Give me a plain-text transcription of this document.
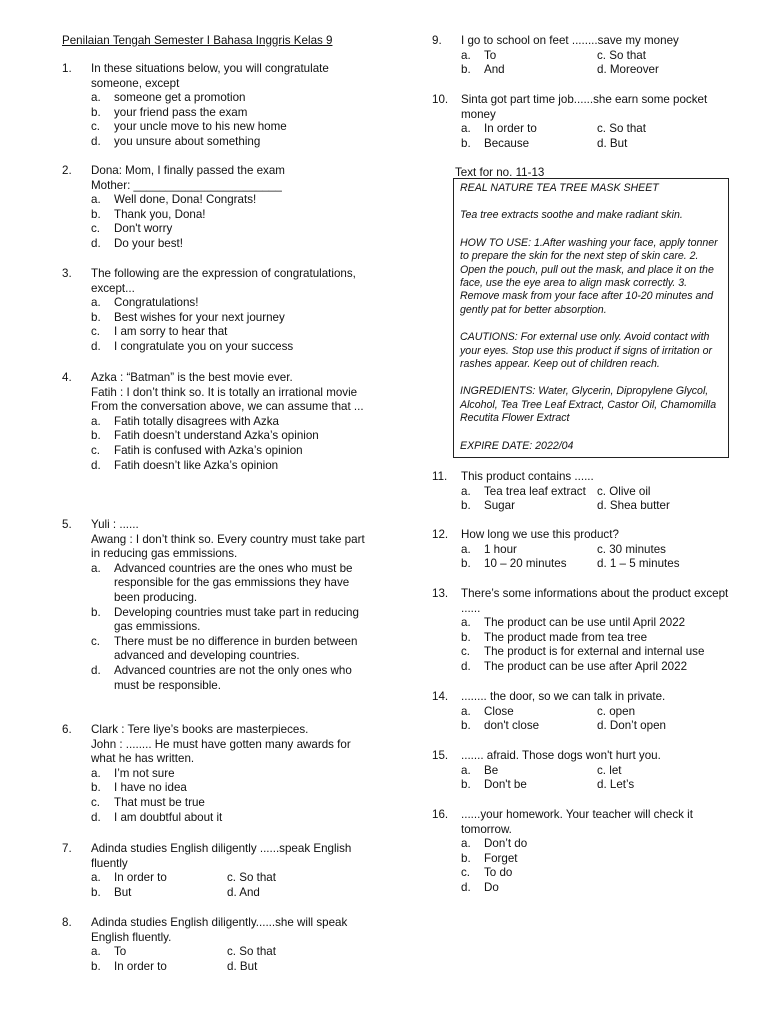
Penilaian Tengah Semester I Bahasa Inggris Kelas 9
1. In these situations below, you will congratulate someone, except
a.	someone get a promotion
b.	your friend pass the exam
c.	your uncle move to his new home
d.	you unsure about something
2. Dona: Mom, I finally passed the exam
Mother: _______________________
a.	Well done, Dona! Congrats!
b.	Thank you, Dona!
c.	Don't worry
d.	Do your best!
3. The following are the expression of congratulations, except...
a.	Congratulations!
b.	Best wishes for your next journey
c.	I am sorry to hear that
d.	I congratulate you on your success
4. Azka : “Batman” is the best movie ever.
Fatih : I don’t think so. It is totally an irrational movie
From the conversation above, we can assume that ...
a.	Fatih totally disagrees with Azka
b.	Fatih doesn’t understand Azka’s opinion
c.	Fatih is confused with Azka’s opinion
d.	Fatih doesn’t like Azka’s opinion
5. Yuli : ......
Awang : I don’t think so. Every country must take part in reducing gas emmissions.
a.	Advanced countries are the ones who must be responsible for the gas emmissions they have been producing.
b.	Developing countries must take part in reducing gas emmissions.
c.	There must be no difference in burden between advanced and developing countries.
d.	Advanced countries are not the only ones who must be responsible.
6. Clark : Tere liye’s books are masterpieces.
John : ........ He must have gotten many awards for what he has written.
a.	I’m not sure
b.	I have no idea
c.	That must be true
d.	I am doubtful about it
7. Adinda studies English diligently ......speak English fluently
a.	In order to	c. So that
b.	But	d. And
8. Adinda studies English diligently......she will speak English fluently.
a.	To	c. So that
b.	In order to	d. But
Text for no. 11-13

REAL NATURE TEA TREE MASK SHEET

Tea tree extracts soothe and make radiant skin.

HOW TO USE: 1.After washing your face, apply tonner to prepare the skin for the next step of skin care. 2. Open the pouch, pull out the mask, and place it on the face, use the eye area to align mask correctly. 3. Remove mask from your face after 10-20 minutes and gently pat for better absorption.

CAUTIONS: For external use only. Avoid contact with your eyes. Stop use this product if signs of irritation or rashes appear. Keep out of children reach.

INGREDIENTS: Water, Glycerin, Dipropylene Glycol, Alcohol, Tea Tree Leaf Extract, Castor Oil, Chamomilla Recutita Flower Extract

EXPIRE DATE: 2022/04

9. I go to school on feet ........save my money
a.	To	c. So that
b.	And	d. Moreover
10. Sinta got part time job......she earn some pocket money
a.	In order to	c. So that
b.	Because	d. But
11. This product contains ......
a.	Tea trea leaf extract c. Olive oil
b.	Sugar	d. Shea butter
12. How long we use this product?
a.	1 hour	c. 30 minutes
b.	10 – 20 minutes	d. 1 – 5 minutes
13. There’s some informations about the product except ......
a.	The product can be use until April 2022
b.	The product made from tea tree
c.	The product is for external and internal use
d.	The product can be use after April 2022
14. ........ the door, so we can talk in private.
a.	Close	c. open
b.	don't close	d. Don’t open
15. ....... afraid. Those dogs won't hurt you.
a.	Be	c. let
b.	Don't be	d. Let’s
16. ......your homework. Your teacher will check it tomorrow.
a.	Don’t do
b.	Forget
c.	To do
d.	Do
